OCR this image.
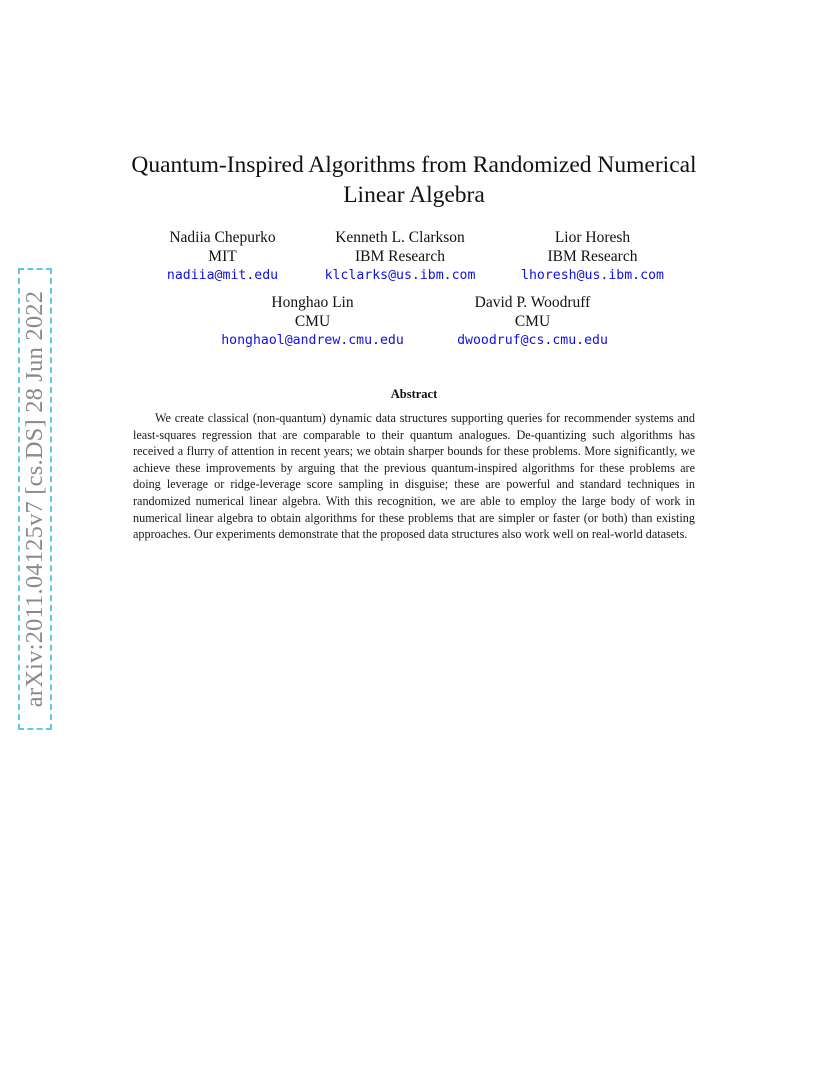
arXiv:2011.04125v7 [cs.DS] 28 Jun 2022
Quantum-Inspired Algorithms from Randomized Numerical Linear Algebra
Nadiia Chepurko
MIT
nadiia@mit.edu
Kenneth L. Clarkson
IBM Research
klclarks@us.ibm.com
Lior Horesh
IBM Research
lhoresh@us.ibm.com
Honghao Lin
CMU
honghaol@andrew.cmu.edu
David P. Woodruff
CMU
dwoodruf@cs.cmu.edu
Abstract

We create classical (non-quantum) dynamic data structures supporting queries for recommender systems and least-squares regression that are comparable to their quantum analogues. De-quantizing such algorithms has received a flurry of attention in recent years; we obtain sharper bounds for these problems. More significantly, we achieve these improvements by arguing that the previous quantum-inspired algorithms for these problems are doing leverage or ridge-leverage score sampling in disguise; these are powerful and standard techniques in randomized numerical linear algebra. With this recognition, we are able to employ the large body of work in numerical linear algebra to obtain algorithms for these problems that are simpler or faster (or both) than existing approaches. Our experiments demonstrate that the proposed data structures also work well on real-world datasets.
